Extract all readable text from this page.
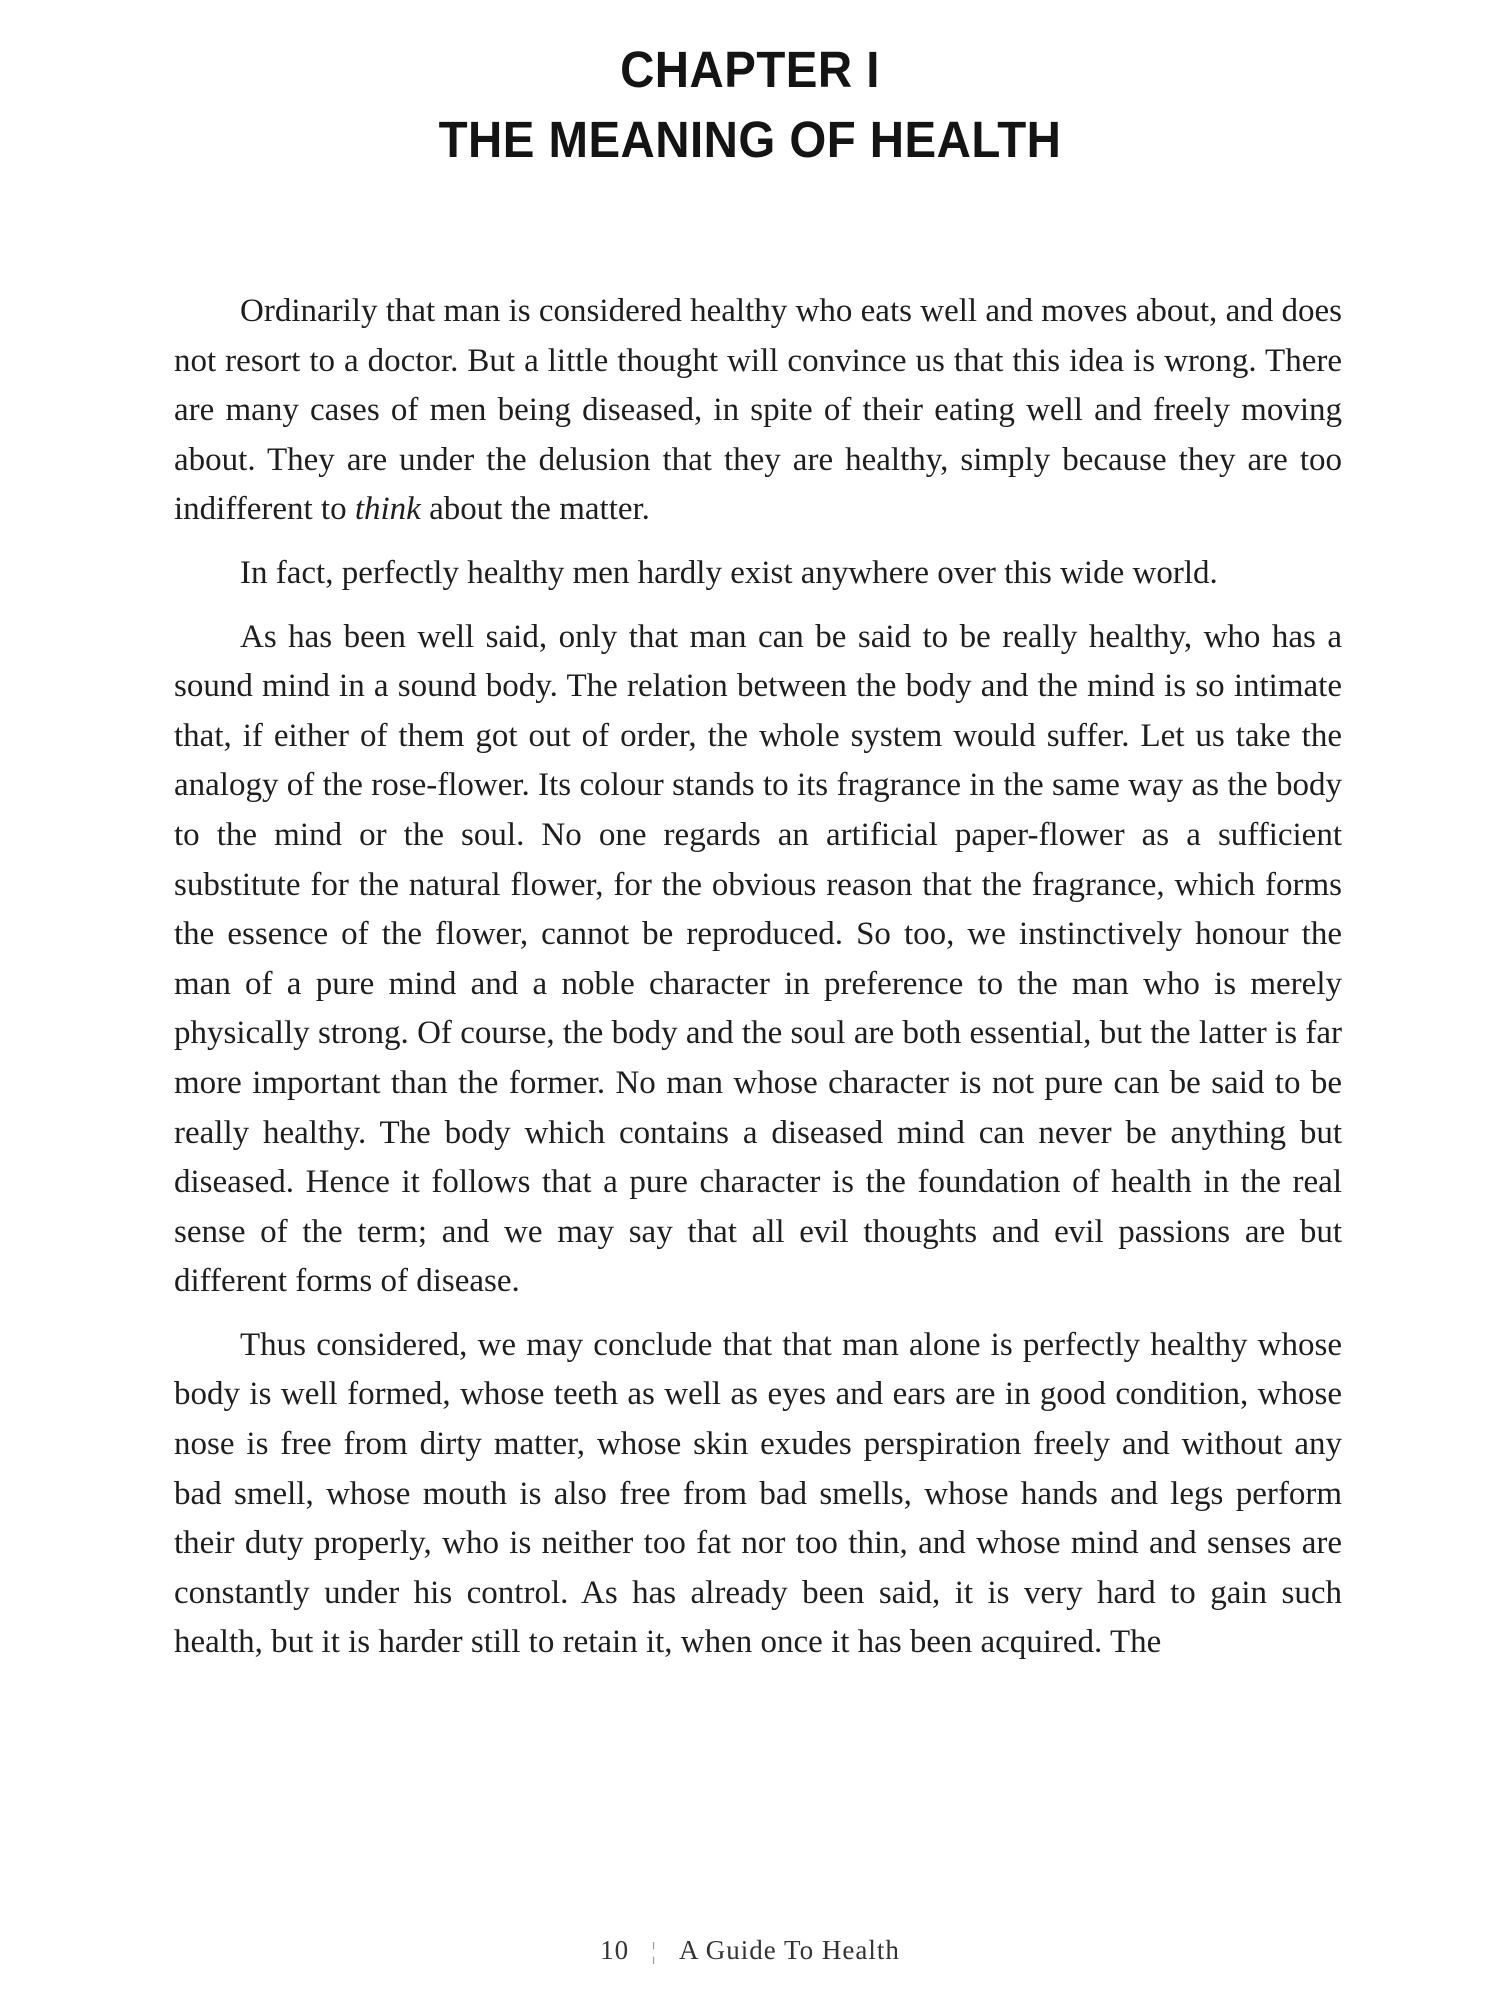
CHAPTER I
THE MEANING OF HEALTH

Ordinarily that man is considered healthy who eats well and moves about, and does not resort to a doctor. But a little thought will convince us that this idea is wrong. There are many cases of men being diseased, in spite of their eating well and freely moving about. They are under the delusion that they are healthy, simply because they are too indifferent to think about the matter.

In fact, perfectly healthy men hardly exist anywhere over this wide world.

As has been well said, only that man can be said to be really healthy, who has a sound mind in a sound body. The relation between the body and the mind is so intimate that, if either of them got out of order, the whole system would suffer. Let us take the analogy of the rose-flower. Its colour stands to its fragrance in the same way as the body to the mind or the soul. No one regards an artificial paper-flower as a sufficient substitute for the natural flower, for the obvious reason that the fragrance, which forms the essence of the flower, cannot be reproduced. So too, we instinctively honour the man of a pure mind and a noble character in preference to the man who is merely physically strong. Of course, the body and the soul are both essential, but the latter is far more important than the former. No man whose character is not pure can be said to be really healthy. The body which contains a diseased mind can never be anything but diseased. Hence it follows that a pure character is the foundation of health in the real sense of the term; and we may say that all evil thoughts and evil passions are but different forms of disease.

Thus considered, we may conclude that that man alone is perfectly healthy whose body is well formed, whose teeth as well as eyes and ears are in good condition, whose nose is free from dirty matter, whose skin exudes perspiration freely and without any bad smell, whose mouth is also free from bad smells, whose hands and legs perform their duty properly, who is neither too fat nor too thin, and whose mind and senses are constantly under his control. As has already been said, it is very hard to gain such health, but it is harder still to retain it, when once it has been acquired. The

10 ¦ A Guide To Health
